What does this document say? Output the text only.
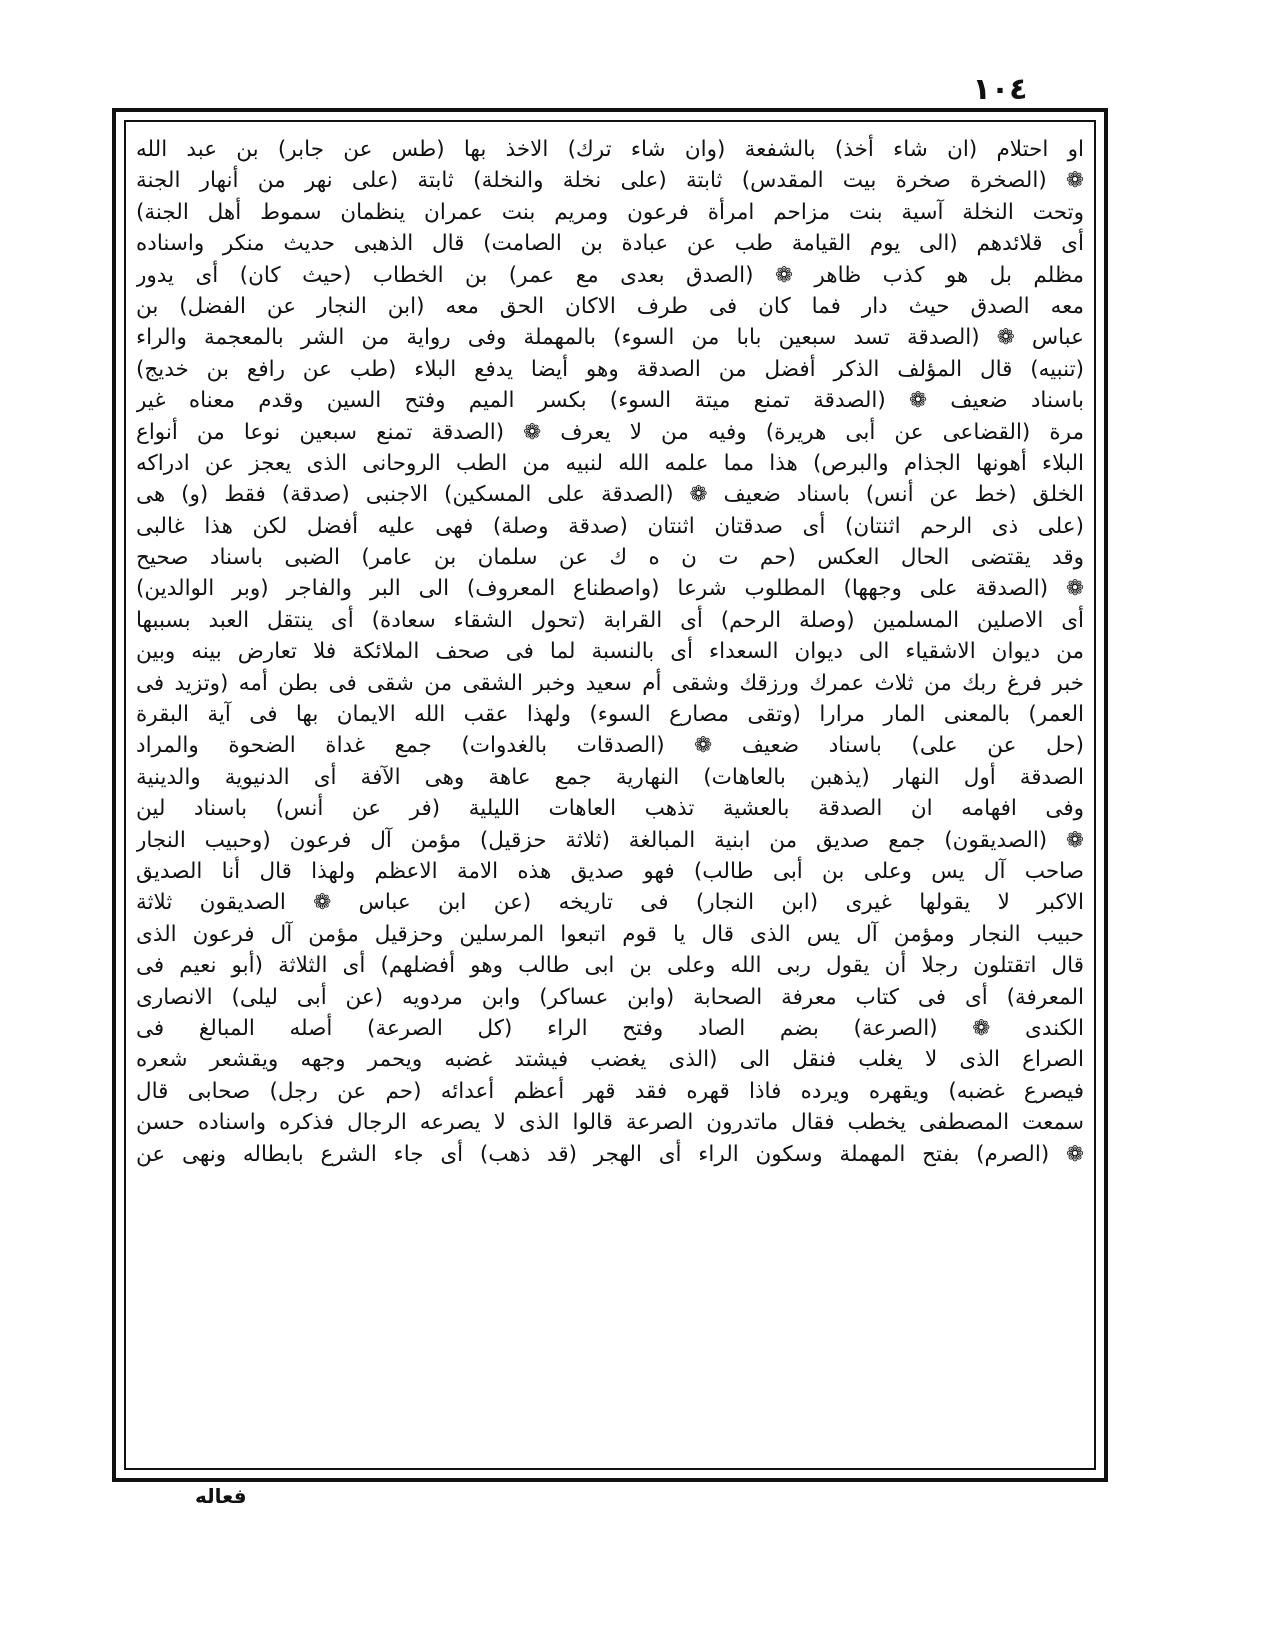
١٠٤
او احتلام (ان شاء أخذ) بالشفعة (وان شاء ترك) الاخذ بها (طس عن جابر) بن عبد الله
❁ (الصخرة صخرة بيت المقدس) ثابتة (على نخلة والنخلة) ثابتة (على نهر من أنهار الجنة
وتحت النخلة آسية بنت مزاحم امرأة فرعون ومريم بنت عمران ينظمان سموط أهل الجنة)
أى قلائدهم (الى يوم القيامة طب عن عبادة بن الصامت) قال الذهبى حديث منكر واسناده
مظلم بل هو كذب ظاهر ❁ (الصدق بعدى مع عمر) بن الخطاب (حيث كان) أى يدور
معه الصدق حيث دار فما كان فى طرف الاكان الحق معه (ابن النجار عن الفضل) بن
عباس ❁ (الصدقة تسد سبعين بابا من السوء) بالمهملة وفى رواية من الشر بالمعجمة والراء
(تنبيه) قال المؤلف الذكر أفضل من الصدقة وهو أيضا يدفع البلاء (طب عن رافع بن خديج)
باسناد ضعيف ❁ (الصدقة تمنع ميتة السوء) بكسر الميم وفتح السين وقدم معناه غير
مرة (القضاعى عن أبى هريرة) وفيه من لا يعرف ❁ (الصدقة تمنع سبعين نوعا من أنواع
البلاء أهونها الجذام والبرص) هذا مما علمه الله لنبيه من الطب الروحانى الذى يعجز عن ادراكه
الخلق (خط عن أنس) باسناد ضعيف ❁ (الصدقة على المسكين) الاجنبى (صدقة) فقط (و) هى
(على ذى الرحم اثنتان) أى صدقتان اثنتان (صدقة وصلة) فهى عليه أفضل لكن هذا غالبى
وقد يقتضى الحال العكس (حم ت ن ه ك عن سلمان بن عامر) الضبى باسناد صحيح
❁ (الصدقة على وجهها) المطلوب شرعا (واصطناع المعروف) الى البر والفاجر (وبر الوالدين)
أى الاصلين المسلمين (وصلة الرحم) أى القرابة (تحول الشقاء سعادة) أى ينتقل العبد بسببها
من ديوان الاشقياء الى ديوان السعداء أى بالنسبة لما فى صحف الملائكة فلا تعارض بينه وبين
خبر فرغ ربك من ثلاث عمرك ورزقك وشقى أم سعيد وخبر الشقى من شقى فى بطن أمه (وتزيد فى
العمر) بالمعنى المار مرارا (وتقى مصارع السوء) ولهذا عقب الله الايمان بها فى آية البقرة
(حل عن على) باسناد ضعيف ❁ (الصدقات بالغدوات) جمع غداة الضحوة والمراد
الصدقة أول النهار (يذهبن بالعاهات) النهارية جمع عاهة وهى الآفة أى الدنيوية والدينية
وفى افهامه ان الصدقة بالعشية تذهب العاهات الليلية (فر عن أنس) باسناد لين
❁ (الصديقون) جمع صديق من ابنية المبالغة (ثلاثة حزقيل) مؤمن آل فرعون (وحبيب النجار
صاحب آل يس وعلى بن أبى طالب) فهو صديق هذه الامة الاعظم ولهذا قال أنا الصديق
الاكبر لا يقولها غيرى (ابن النجار) فى تاريخه (عن ابن عباس ❁ الصديقون ثلاثة
حبيب النجار ومؤمن آل يس الذى قال يا قوم اتبعوا المرسلين وحزقيل مؤمن آل فرعون الذى
قال اتقتلون رجلا أن يقول ربى الله وعلى بن ابى طالب وهو أفضلهم) أى الثلاثة (أبو نعيم فى
المعرفة) أى فى كتاب معرفة الصحابة (وابن عساكر) وابن مردويه (عن أبى ليلى) الانصارى
الكندى ❁ (الصرعة) بضم الصاد وفتح الراء (كل الصرعة) أصله المبالغ فى
الصراع الذى لا يغلب فنقل الى (الذى يغضب فيشتد غضبه ويحمر وجهه ويقشعر شعره
فيصرع غضبه) ويقهره ويرده فاذا قهره فقد قهر أعظم أعدائه (حم عن رجل) صحابى قال
سمعت المصطفى يخطب فقال ماتدرون الصرعة قالوا الذى لا يصرعه الرجال فذكره واسناده حسن
❁ (الصرم) بفتح المهملة وسكون الراء أى الهجر (قد ذهب) أى جاء الشرع بابطاله ونهى عن
فعاله
